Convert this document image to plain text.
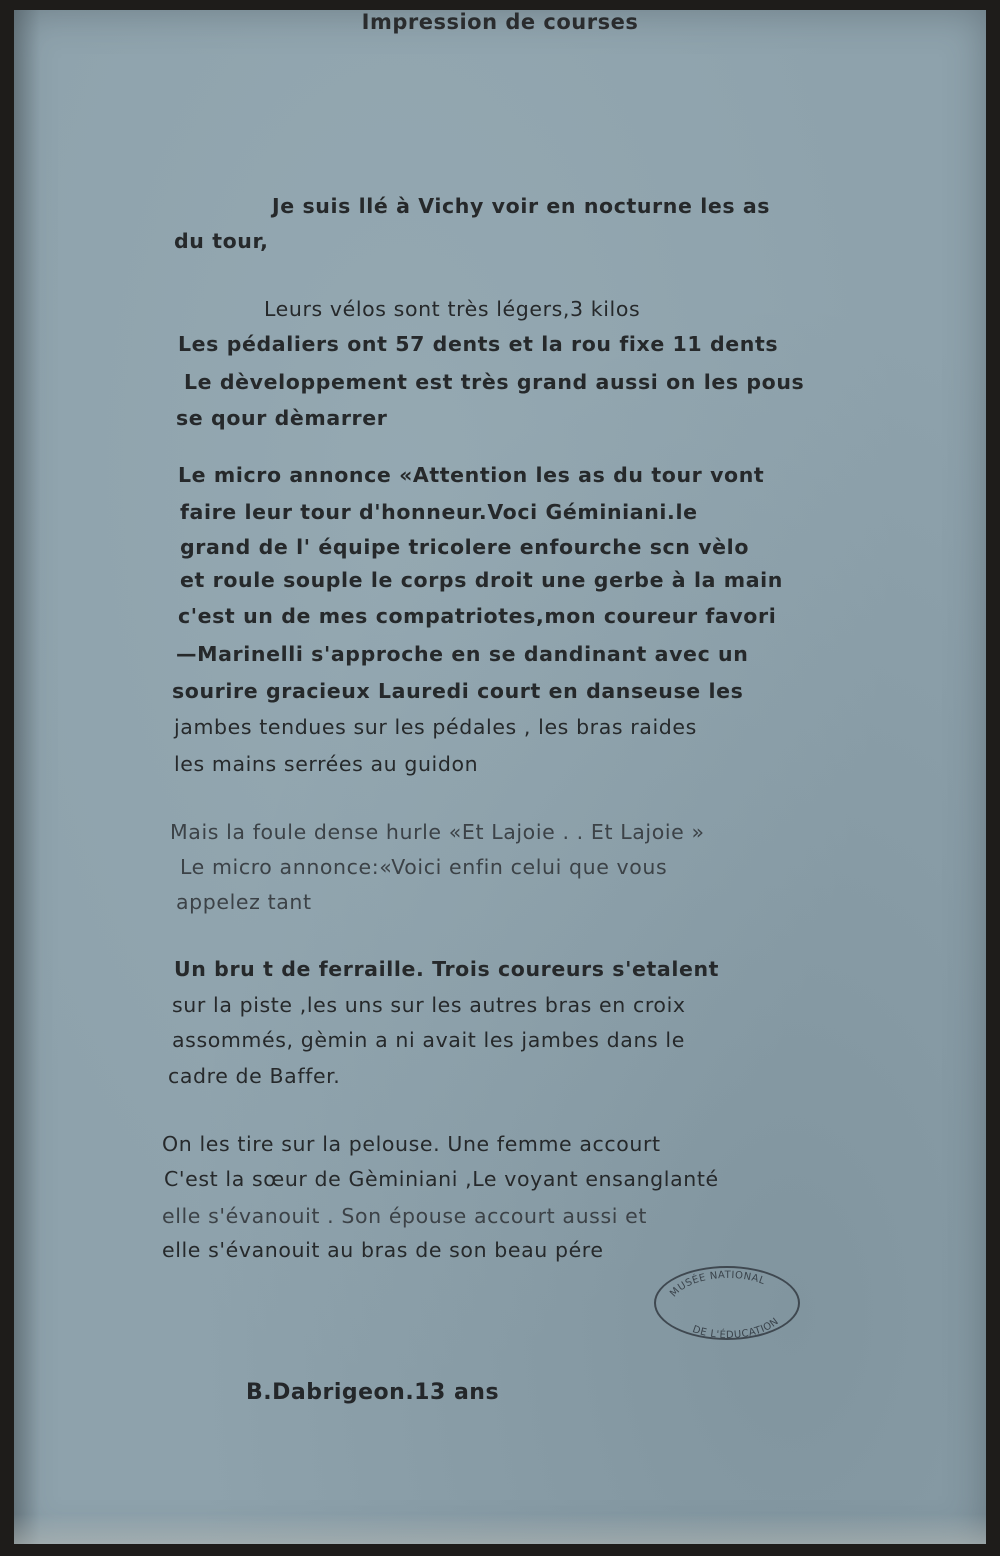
Impression de courses
Je suis llé à Vichy voir en nocturne les as
du tour,
Leurs vélos sont très légers,3 kilos
Les pédaliers ont 57 dents et la rou fixe 11 dents
Le dèveloppement est très grand aussi on les pous
se qour dèmarrer
Le micro annonce «Attention les as du tour vont
faire leur tour d'honneur.Voci Géminiani.le
grand de l' équipe tricolere enfourche scn vèlo
et roule souple le corps droit une gerbe à la main
c'est un de mes compatriotes,mon coureur favori
—Marinelli s'approche en se dandinant avec un
sourire gracieux Lauredi court en danseuse les
jambes tendues sur les pédales , les bras raides
les mains serrées au guidon
Mais la foule dense hurle «Et Lajoie . . Et Lajoie »
Le micro annonce:«Voici enfin celui que vous
appelez tant
Un bru t de ferraille. Trois coureurs s'etalent
sur la piste ,les uns sur les autres bras en croix
assommés, gèmin a ni avait les jambes dans le
cadre de Baffer.
On les tire sur la pelouse. Une femme accourt
C'est la sœur de Gèminiani ,Le voyant ensanglanté
elle s'évanouit . Son épouse accourt aussi et
elle s'évanouit au bras de son beau pére
MUSÉE NATIONAL
DE L'ÉDUCATION
B.Dabrigeon.13 ans
